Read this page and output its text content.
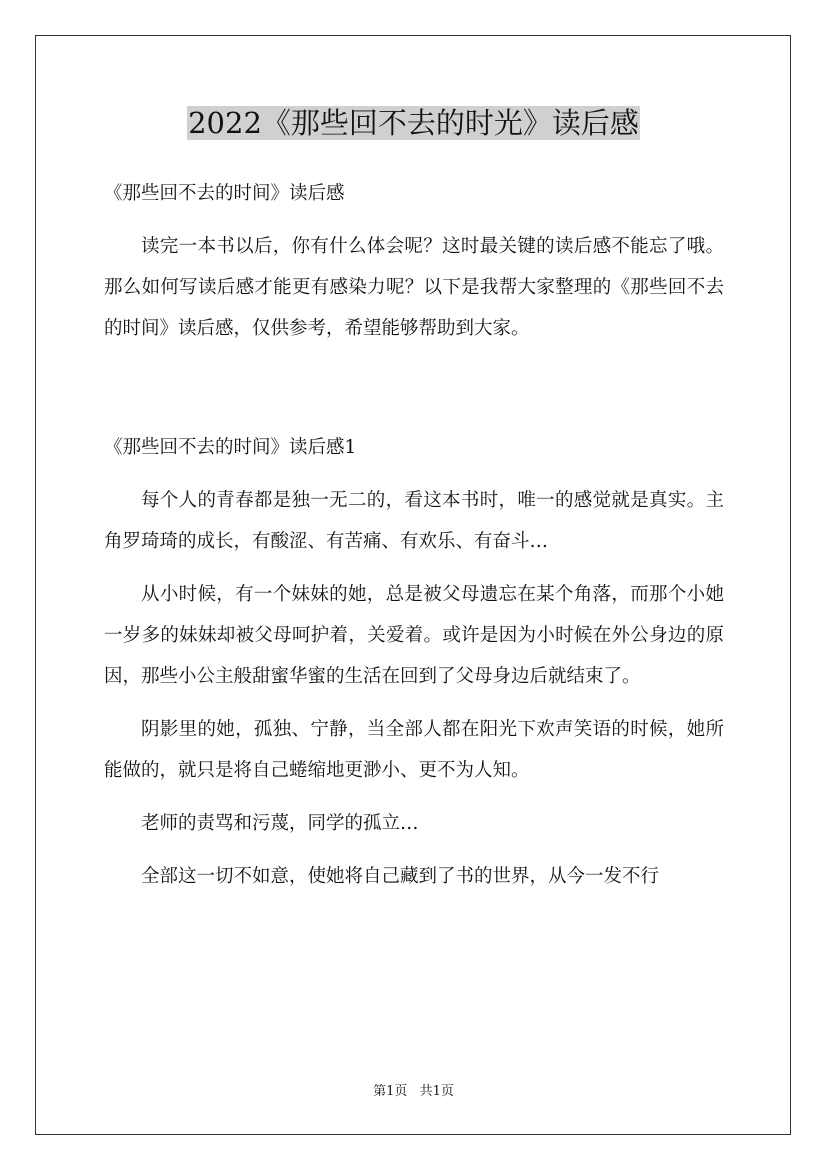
2022《那些回不去的时光》读后感

《那些回不去的时间》读后感

读完一本书以后，你有什么体会呢？这时最关键的读后感不能忘了哦。那么如何写读后感才能更有感染力呢？以下是我帮大家整理的《那些回不去的时间》读后感，仅供参考，希望能够帮助到大家。

《那些回不去的时间》读后感1

每个人的青春都是独一无二的，看这本书时，唯一的感觉就是真实。主角罗琦琦的成长，有酸涩、有苦痛、有欢乐、有奋斗…

从小时候，有一个妹妹的她，总是被父母遗忘在某个角落，而那个小她一岁多的妹妹却被父母呵护着，关爱着。或许是因为小时候在外公身边的原因，那些小公主般甜蜜华蜜的生活在回到了父母身边后就结束了。

阴影里的她，孤独、宁静，当全部人都在阳光下欢声笑语的时候，她所能做的，就只是将自己蜷缩地更渺小、更不为人知。

老师的责骂和污蔑，同学的孤立…

全部这一切不如意，使她将自己藏到了书的世界，从今一发不行

第1页 共1页
